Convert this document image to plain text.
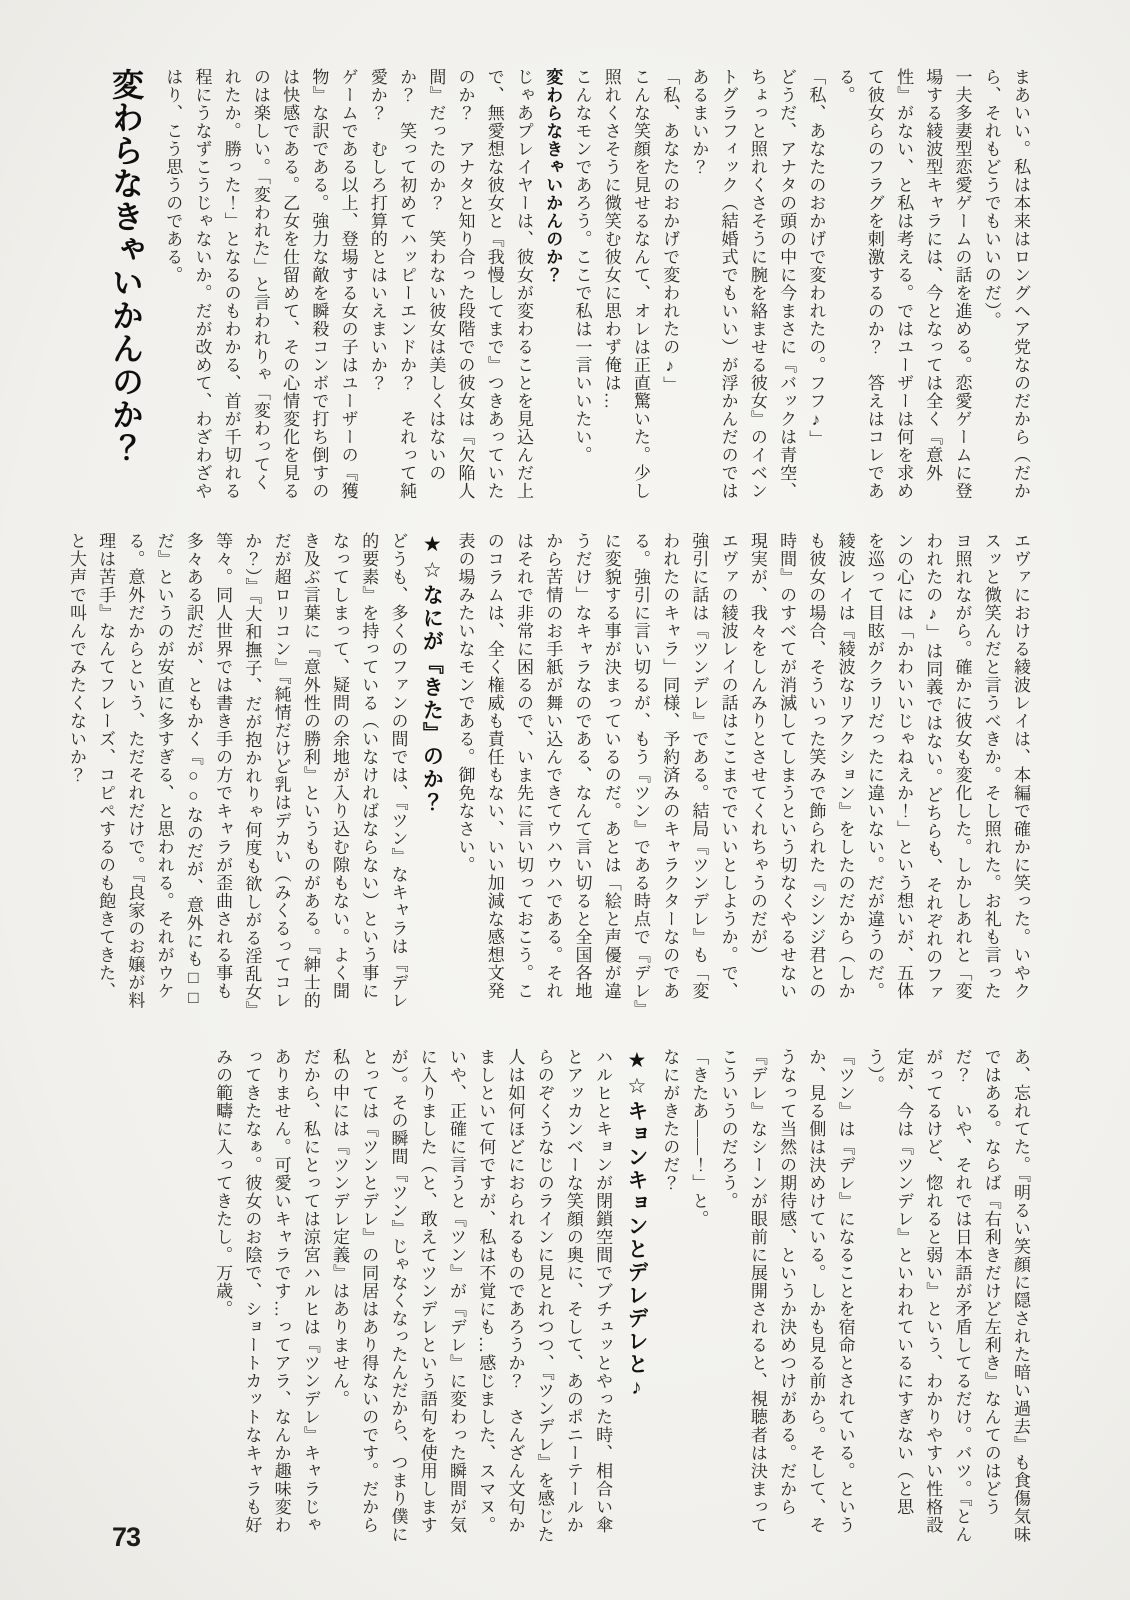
まあいい。私は本来はロングヘア党なのだから（だから、それもどうでもいいのだ）。

一夫多妻型恋愛ゲームの話を進める。恋愛ゲームに登場する綾波型キャラには、今となっては全く『意外性』がない、と私は考える。ではユーザーは何を求めて彼女らのフラグを刺激するのか？　答えはコレである。

「私、あなたのおかげで変われたの。フフ♪」

どうだ、アナタの頭の中に今まさに『バックは青空、ちょっと照れくさそうに腕を絡ませる彼女』のイベントグラフィック（結婚式でもいい）が浮かんだのではあるまいか？

「私、あなたのおかげで変われたの♪」

こんな笑顔を見せるなんて、オレは正直驚いた。少し照れくさそうに微笑む彼女に思わず俺は…

こんなモンであろう。ここで私は一言いいたい。

変わらなきゃいかんのか？

じゃあプレイヤーは、彼女が変わることを見込んだ上で、無愛想な彼女と『我慢してまで』つきあっていたのか？　アナタと知り合った段階での彼女は『欠陥人間』だったのか？　笑わない彼女は美しくはないのか？　笑って初めてハッピーエンドか？　それって純愛か？　むしろ打算的とはいえまいか？

ゲームである以上、登場する女の子はユーザーの『獲物』な訳である。強力な敵を瞬殺コンボで打ち倒すのは快感である。乙女を仕留めて、その心情変化を見るのは楽しい。「変われた」と言われりゃ「変わってくれたか。勝った！」となるのもわかる、首が千切れる程にうなずこうじゃないか。だが改めて、わざわざやはり、こう思うのである。

変わらなきゃいかんのか？

エヴァにおける綾波レイは、本編で確かに笑った。いやクスッと微笑んだと言うべきか。そし照れた。お礼も言ったヨ照れながら。確かに彼女も変化した。しかしあれと「変われたの♪」は同義ではない。どちらも、それぞれのファンの心には「かわいいじゃねえか！」という想いが、五体を巡って目眩がクラリだったに違いない。だが違うのだ。綾波レイは『綾波なリアクション』をしたのだから（しかも彼女の場合、そういった笑みで飾られた『シンジ君との時間』のすべてが消滅してしまうという切なくやるせない現実が、我々をしんみりとさせてくれちゃうのだが）

エヴァの綾波レイの話はここまででいいとしようか。で、強引に話は『ツンデレ』である。結局『ツンデレ』も「変われたのキャラ」同様、予約済みのキャラクターなのである。強引に言い切るが、もう『ツン』である時点で『デレ』に変貌する事が決まっているのだ。あとは「絵と声優が違うだけ」なキャラなのである、なんて言い切ると全国各地から苦情のお手紙が舞い込んできてウハウハである。それはそれで非常に困るので、いま先に言い切っておこう。このコラムは、全く権威も責任もない、いい加減な感想文発表の場みたいなモンである。御免なさい。

★☆なにが『きた』のか？

どうも、多くのファンの間では、『ツン』なキャラは『デレ的要素』を持っている（いなければならない）という事になってしまって、疑問の余地が入り込む隙もない。よく聞き及ぶ言葉に『意外性の勝利』というものがある。『紳士的だが超ロリコン』『純情だけど乳はデカい（みくるってコレか？）』『大和撫子、だが抱かれりゃ何度も欲しがる淫乱女』等々。同人世界では書き手の方でキャラが歪曲される事も多々ある訳だが、ともかく『○○なのだが、意外にも□□だ』というのが安直に多すぎる、と思われる。それがウケる。意外だからという、ただそれだけで。『良家のお嬢が料理は苦手』なんてフレーズ、コピペするのも飽きてきた、と大声で叫んでみたくないか？

あ、忘れてた。『明るい笑顔に隠された暗い過去』も食傷気味ではある。ならば『右利きだけど左利き』なんてのはどうだ？　いや、それでは日本語が矛盾してるだけ。バツ。『とんがってるけど、惚れると弱い』という、わかりやすい性格設定が、今は『ツンデレ』といわれているにすぎない（と思う）。

『ツン』は『デレ』になることを宿命とされている。というか、見る側は決めけている。しかも見る前から。そして、そうなって当然の期待感、というか決めつけがある。だから『デレ』なシーンが眼前に展開されると、視聴者は決まってこういうのだろう。

「きたあ――！」と。

なにがきたのだ？

★☆キョンキョンとデレデレと♪

ハルヒとキョンが閉鎖空間でブチュッとやった時、相合い傘とアッカンベーな笑顔の奥に、そして、あのポニーテールからのぞくうなじのラインに見とれつつ、『ツンデレ』を感じた人は如何ほどにおられるものであろうか？　さんざん文句かましといて何ですが、私は不覚にも…感じました、スマヌ。

いや、正確に言うと『ツン』が『デレ』に変わった瞬間が気に入りました（と、敢えてツンデレという語句を使用しますが）。その瞬間『ツン』じゃなくなったんだから、つまり僕にとっては『ツンとデレ』の同居はあり得ないのです。だから私の中には『ツンデレ定義』はありません。

だから、私にとっては涼宮ハルヒは『ツンデレ』キャラじゃありません。可愛いキャラです…ってアラ、なんか趣味変わってきたなぁ。彼女のお陰で、ショートカットなキャラも好みの範疇に入ってきたし。万歳。

73
